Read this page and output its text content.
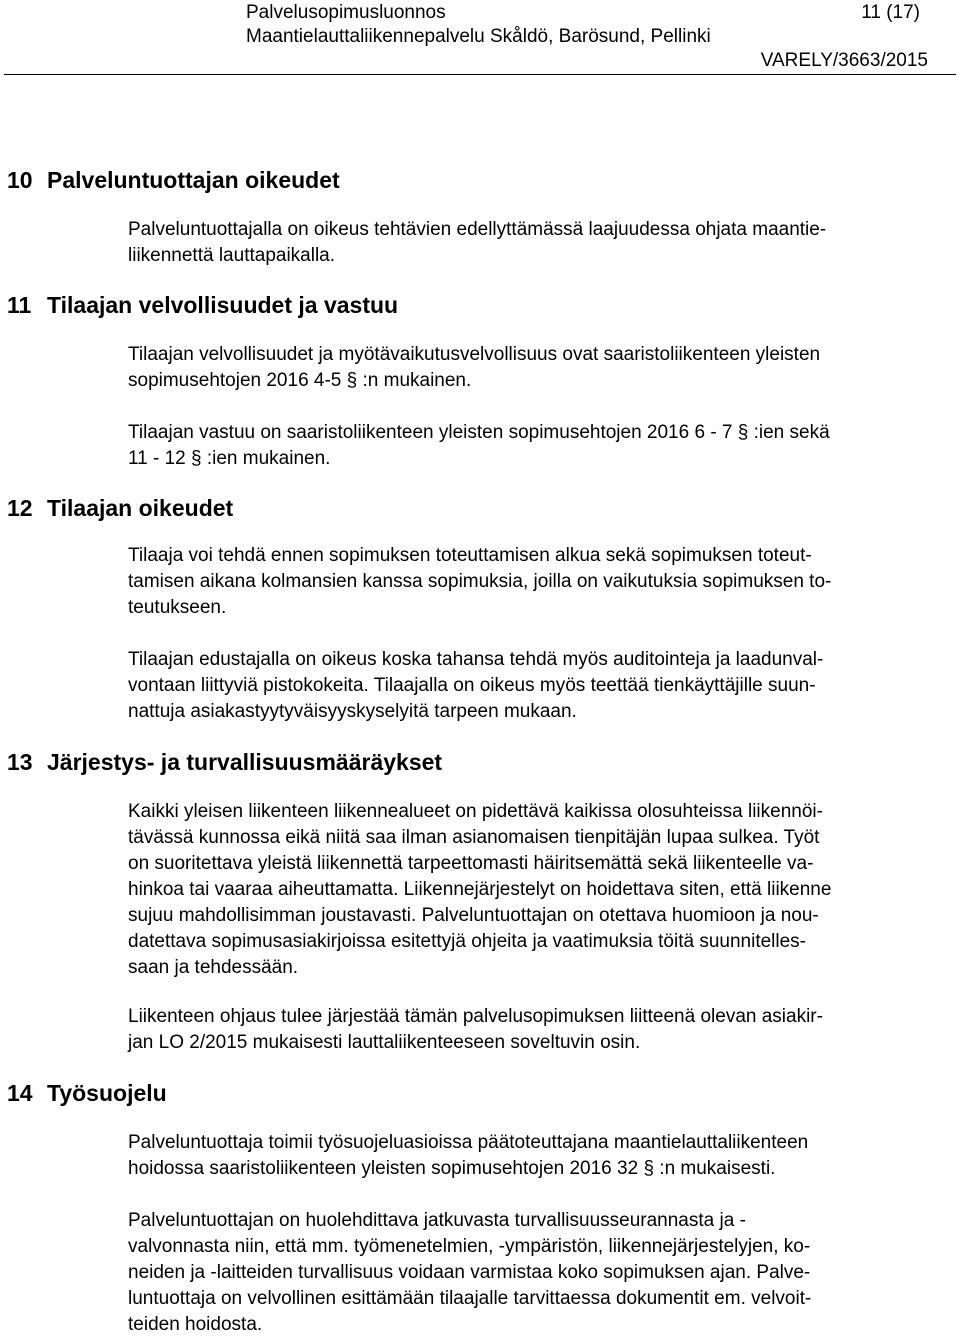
Palvelusopimusluonnos	11 (17)
Maantielauttaliikennepalvelu Skåldö, Barösund, Pellinki
VARELY/3663/2015
10 Palveluntuottajan oikeudet
Palveluntuottajalla on oikeus tehtävien edellyttämässä laajuudessa ohjata maantie-
liikennettä lauttapaikalla.
11 Tilaajan velvollisuudet ja vastuu
Tilaajan velvollisuudet ja myötävaikutusvelvollisuus ovat saaristoliikenteen yleisten
sopimusehtojen 2016 4-5 § :n mukainen.
Tilaajan vastuu on saaristoliikenteen yleisten sopimusehtojen 2016 6 - 7 § :ien sekä
11 - 12 § :ien mukainen.
12 Tilaajan oikeudet
Tilaaja voi tehdä ennen sopimuksen toteuttamisen alkua sekä sopimuksen toteut-
tamisen aikana kolmansien kanssa sopimuksia, joilla on vaikutuksia sopimuksen to-
teutukseen.
Tilaajan edustajalla on oikeus koska tahansa tehdä myös auditointeja ja laadunval-
vontaan liittyviä pistokokeita. Tilaajalla on oikeus myös teettää tienkäyttäjille suun-
nattuja asiakastyytyväisyyskyselyitä tarpeen mukaan.
13 Järjestys- ja turvallisuusmääräykset
Kaikki yleisen liikenteen liikennealueet on pidettävä kaikissa olosuhteissa liikennöi-
tävässä kunnossa eikä niitä saa ilman asianomaisen tienpitäjän lupaa sulkea. Työt
on suoritettava yleistä liikennettä tarpeettomasti häiritsemättä sekä liikenteelle va-
hinkoa tai vaaraa aiheuttamatta. Liikennejärjestelyt on hoidettava siten, että liikenne
sujuu mahdollisimman joustavasti. Palveluntuottajan on otettava huomioon ja nou-
datettava sopimusasiakirjoissa esitettyjä ohjeita ja vaatimuksia töitä suunnitelles-
saan ja tehdessään.
Liikenteen ohjaus tulee järjestää tämän palvelusopimuksen liitteenä olevan asiakir-
jan LO 2/2015 mukaisesti lauttaliikenteeseen soveltuvin osin.
14 Työsuojelu
Palveluntuottaja toimii työsuojeluasioissa päätoteuttajana maantielauttaliikenteen
hoidossa saaristoliikenteen yleisten sopimusehtojen 2016 32 § :n mukaisesti.
Palveluntuottajan on huolehdittava jatkuvasta turvallisuusseurannasta ja -
valvonnasta niin, että mm. työmenetelmien, -ympäristön, liikennejärjestelyjen, ko-
neiden ja -laitteiden turvallisuus voidaan varmistaa koko sopimuksen ajan. Palve-
luntuottaja on velvollinen esittämään tilaajalle tarvittaessa dokumentit em. velvoit-
teiden hoidosta.
